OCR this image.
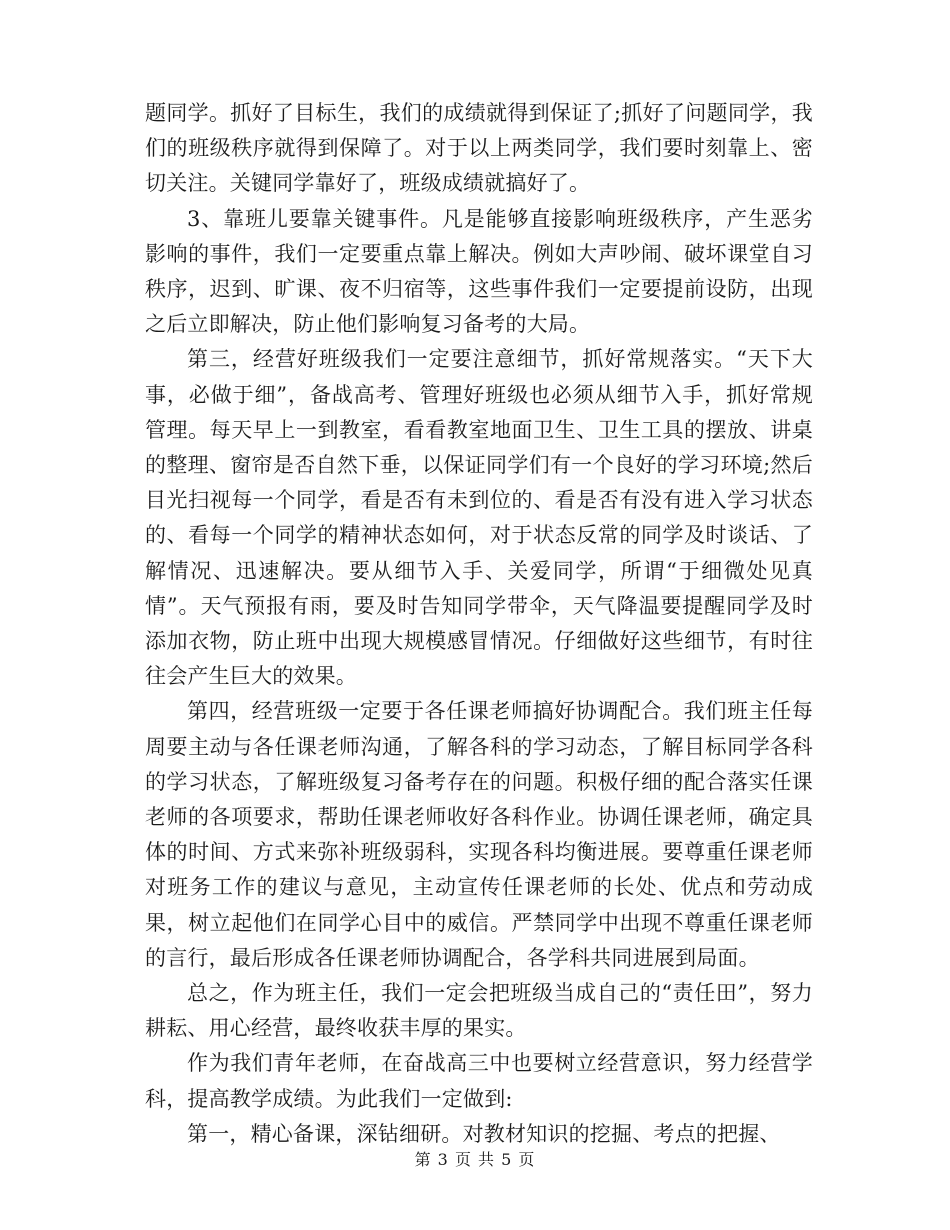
题同学。抓好了目标生，我们的成绩就得到保证了;抓好了问题同学，我们的班级秩序就得到保障了。对于以上两类同学，我们要时刻靠上、密切关注。关键同学靠好了，班级成绩就搞好了。

3、靠班儿要靠关键事件。凡是能够直接影响班级秩序，产生恶劣影响的事件，我们一定要重点靠上解决。例如大声吵闹、破坏课堂自习秩序，迟到、旷课、夜不归宿等，这些事件我们一定要提前设防，出现之后立即解决，防止他们影响复习备考的大局。

第三，经营好班级我们一定要注意细节，抓好常规落实。“天下大事，必做于细”，备战高考、管理好班级也必须从细节入手，抓好常规管理。每天早上一到教室，看看教室地面卫生、卫生工具的摆放、讲桌的整理、窗帘是否自然下垂，以保证同学们有一个良好的学习环境;然后目光扫视每一个同学，看是否有未到位的、看是否有没有进入学习状态的、看每一个同学的精神状态如何，对于状态反常的同学及时谈话、了解情况、迅速解决。要从细节入手、关爱同学，所谓“于细微处见真情”。天气预报有雨，要及时告知同学带伞，天气降温要提醒同学及时添加衣物，防止班中出现大规模感冒情况。仔细做好这些细节，有时往往会产生巨大的效果。

第四，经营班级一定要于各任课老师搞好协调配合。我们班主任每周要主动与各任课老师沟通，了解各科的学习动态，了解目标同学各科的学习状态，了解班级复习备考存在的问题。积极仔细的配合落实任课老师的各项要求，帮助任课老师收好各科作业。协调任课老师，确定具体的时间、方式来弥补班级弱科，实现各科均衡进展。要尊重任课老师对班务工作的建议与意见，主动宣传任课老师的长处、优点和劳动成果，树立起他们在同学心目中的威信。严禁同学中出现不尊重任课老师的言行，最后形成各任课老师协调配合，各学科共同进展到局面。

总之，作为班主任，我们一定会把班级当成自己的“责任田”，努力耕耘、用心经营，最终收获丰厚的果实。

作为我们青年老师，在奋战高三中也要树立经营意识，努力经营学科，提高教学成绩。为此我们一定做到:

第一，精心备课，深钻细研。对教材知识的挖掘、考点的把握、

第 3 页 共 5 页
